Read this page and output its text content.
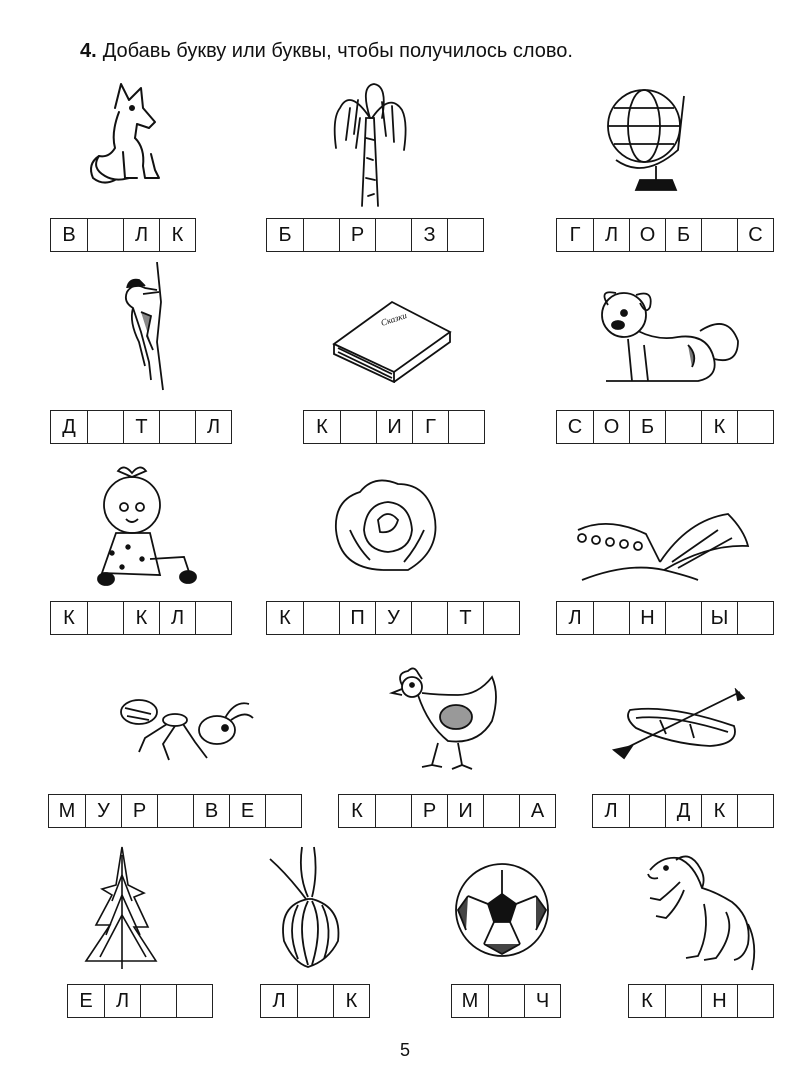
4. Добавь букву или буквы, чтобы получилось слово.
Сказки
В	Л	К	Б	Р	З	Г	Л	О	Б	С
Д	Т	Л	К	И	Г	С	О	Б	К
К	К	Л	К	П	У	Т	Л	Н	Ы
М	У	Р	В	Е	К	Р	И	А	Л	Д	К
Е	Л	Л	К	М	Ч	К	Н
5
